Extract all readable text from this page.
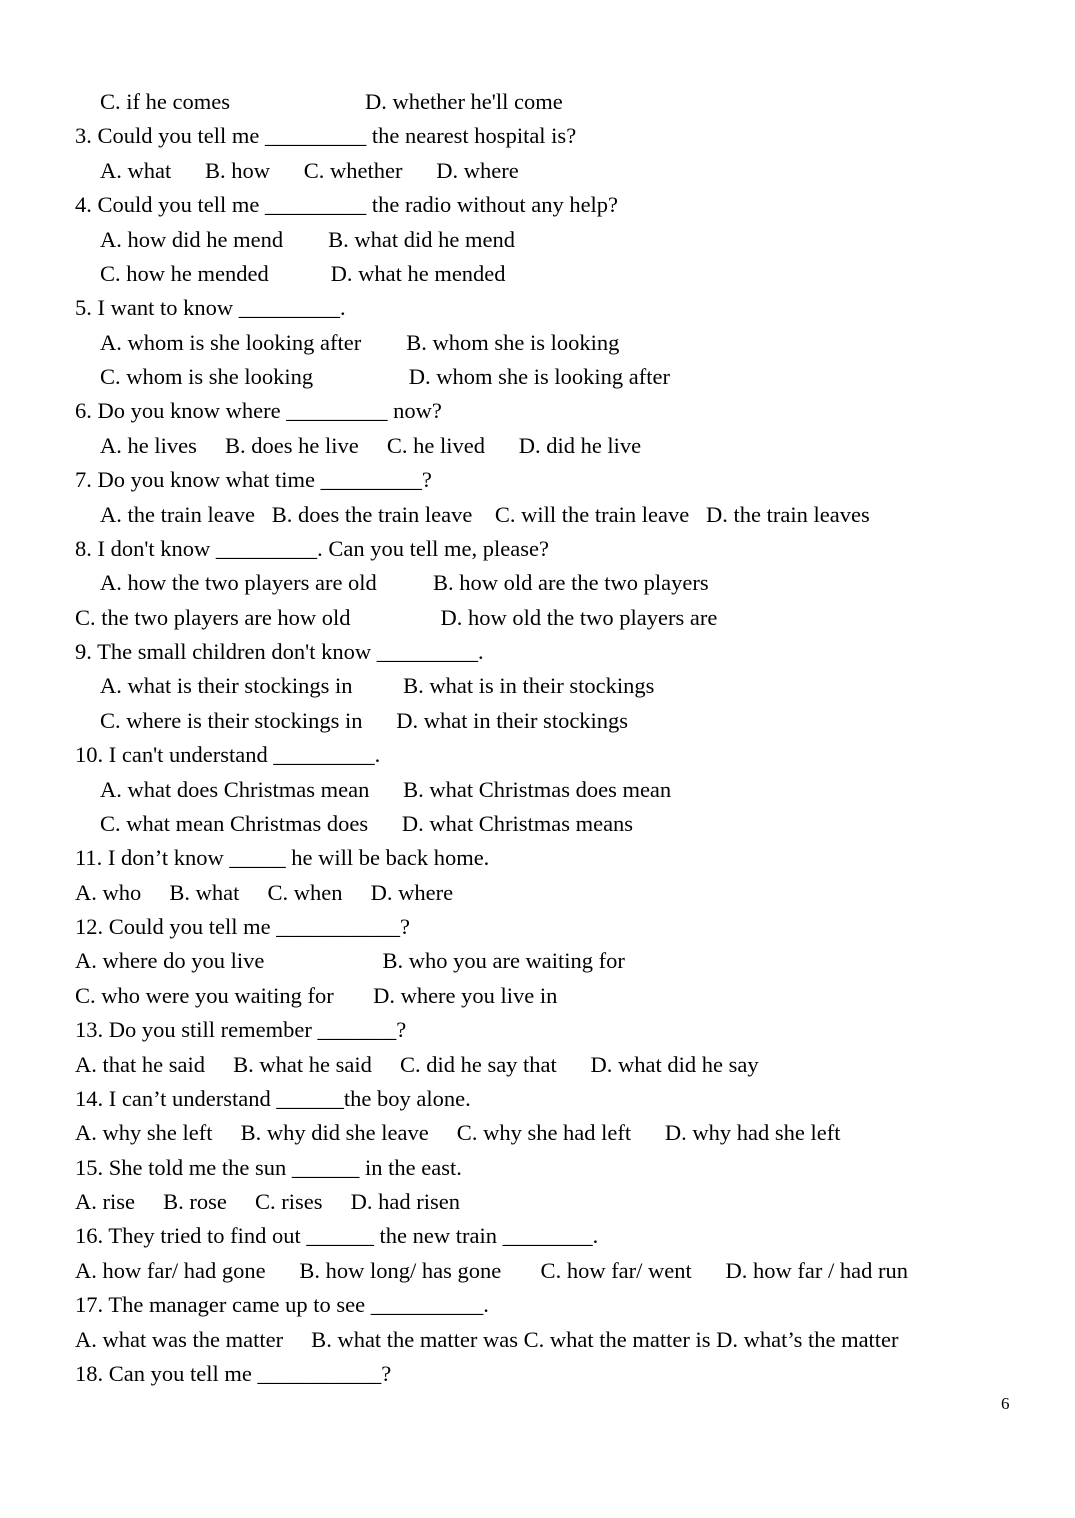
C. if he comes                        D. whether he'll come
3. Could you tell me _________ the nearest hospital is?
A. what      B. how      C. whether      D. where
4. Could you tell me _________ the radio without any help?
A. how did he mend        B. what did he mend
C. how he mended           D. what he mended
5. I want to know _________.
A. whom is she looking after        B. whom she is looking
C. whom is she looking                 D. whom she is looking after
6. Do you know where _________ now?
A. he lives     B. does he live     C. he lived      D. did he live
7. Do you know what time _________?
A. the train leave   B. does the train leave    C. will the train leave   D. the train leaves
8. I don't know _________. Can you tell me, please?
A. how the two players are old          B. how old are the two players
C. the two players are how old                D. how old the two players are
9. The small children don't know _________.
A. what is their stockings in         B. what is in their stockings
C. where is their stockings in      D. what in their stockings
10. I can't understand _________.
A. what does Christmas mean      B. what Christmas does mean
C. what mean Christmas does      D. what Christmas means
11. I don’t know _____ he will be back home.
A. who     B. what     C. when     D. where
12. Could you tell me ___________?
A. where do you live                     B. who you are waiting for
C. who were you waiting for       D. where you live in
13. Do you still remember _______?
A. that he said     B. what he said     C. did he say that      D. what did he say
14. I can’t understand ______the boy alone.
A. why she left     B. why did she leave     C. why she had left      D. why had she left
15. She told me the sun ______ in the east.
A. rise     B. rose     C. rises     D. had risen
16. They tried to find out ______ the new train ________.
A. how far/ had gone      B. how long/ has gone       C. how far/ went      D. how far / had run
17. The manager came up to see __________.
A. what was the matter     B. what the matter was C. what the matter is D. what’s the matter
18. Can you tell me ___________?
6
